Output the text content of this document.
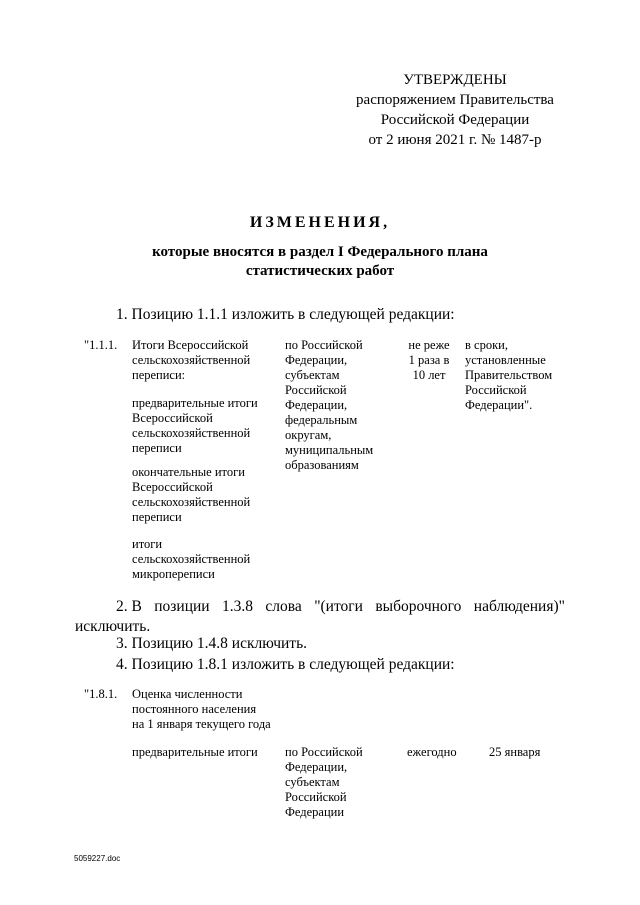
УТВЕРЖДЕНЫ
распоряжением Правительства
Российской Федерации
от 2 июня 2021 г. № 1487-р
ИЗМЕНЕНИЯ,
которые вносятся в раздел I Федерального плана
статистических работ
1. Позицию 1.1.1 изложить в следующей редакции:
"1.1.1. Итоги Всероссийской
сельскохозяйственной
переписи:
предварительные итоги
Всероссийской
сельскохозяйственной
переписи
окончательные итоги
Всероссийской
сельскохозяйственной
переписи
итоги
сельскохозяйственной
микропереписи
по Российской
Федерации,
субъектам
Российской
Федерации,
федеральным
округам,
муниципальным
образованиям
не реже
1 раза в
10 лет
в сроки,
установленные
Правительством
Российской
Федерации".
2. В позиции 1.3.8 слова "(итоги выборочного наблюдения)"
исключить.
3. Позицию 1.4.8 исключить.
4. Позицию 1.8.1 изложить в следующей редакции:
"1.8.1. Оценка численности
постоянного населения
на 1 января текущего года
предварительные итоги по Российской
Федерации,
субъектам
Российской
Федерации
ежегодно	25 января
5059227.doc
